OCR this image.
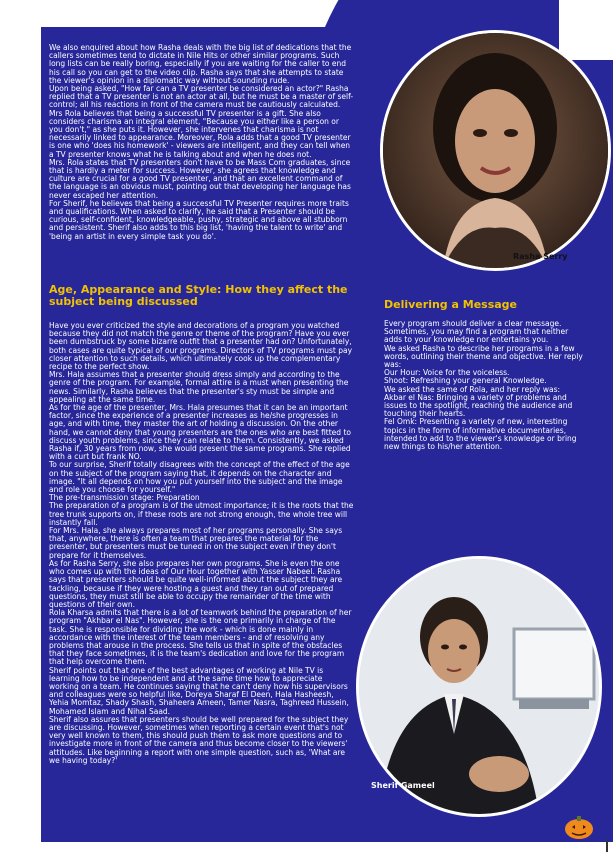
We also enquired about how Rasha deals with the big list of dedications that the callers sometimes tend to dictate in Nile Hits or other similar programs. Such long lists can be really boring, especially if you are waiting for the caller to end his call so you can get to the video clip. Rasha says that she attempts to state the viewer's opinion in a diplomatic way without sounding rude.

Upon being asked, "How far can a TV presenter be considered an actor?" Rasha replied that a TV presenter is not an actor at all, but he must be a master of self-control; all his reactions in front of the camera must be cautiously calculated.

Mrs Rola believes that being a successful TV presenter is a gift. She also considers charisma an integral element, "Because you either like a person or you don't," as she puts it. However, she intervenes that charisma is not necessarily linked to appearance. Moreover, Rola adds that a good TV presenter is one who 'does his homework' - viewers are intelligent, and they can tell when a TV presenter knows what he is talking about and when he does not.

Mrs. Rola states that TV presenters don't have to be Mass Com graduates, since that is hardly a meter for success. However, she agrees that knowledge and culture are crucial for a good TV presenter, and that an excellent command of the language is an obvious must, pointing out that developing her language has never escaped her attention.

For Sherif, he believes that being a successful TV Presenter requires more traits and qualifications. When asked to clarify, he said that a Presenter should be curious, self-confident, knowledgeable, pushy, strategic and above all stubborn and persistent. Sherif also adds to this big list, 'having the talent to write' and 'being an artist in every simple task you do'.

Age, Appearance and Style: How they affect the subject being discussed

Have you ever criticized the style and decorations of a program you watched because they did not match the genre or theme of the program? Have you ever been dumbstruck by some bizarre outfit that a presenter had on? Unfortunately, both cases are quite typical of our programs. Directors of TV programs must pay closer attention to such details, which ultimately cook up the complementary recipe to the perfect show.

Mrs. Hala assumes that a presenter should dress simply and according to the genre of the program. For example, formal attire is a must when presenting the news. Similarly, Rasha believes that the presenter's sty must be simple and appealing at the same time.

As for the age of the presenter, Mrs. Hala presumes that it can be an important factor, since the experience of a presenter increases as he/she progresses in age, and with time, they master the art of holding a discussion. On the other hand, we cannot deny that young presenters are the ones who are best fitted to discuss youth problems, since they can relate to them. Consistently, we asked Rasha if, 30 years from now, she would present the same programs. She replied with a curt but frank NO.

To our surprise, Sherif totally disagrees with the concept of the effect of the age on the subject of the program saying that, it depends on the character and image. "It all depends on how you put yourself into the subject and the image and role you choose for yourself."

The pre-transmission stage: Preparation

The preparation of a program is of the utmost importance; it is the roots that the tree trunk supports on, if these roots are not strong enough, the whole tree will instantly fall.

For Mrs. Hala, she always prepares most of her programs personally. She says that, anywhere, there is often a team that prepares the material for the presenter, but presenters must be tuned in on the subject even if they don't prepare for it themselves.

As for Rasha Serry, she also prepares her own programs. She is even the one who comes up with the ideas of Our Hour together with Yasser Nabeel. Rasha says that presenters should be quite well-informed about the subject they are tackling, because if they were hosting a guest and they ran out of prepared questions, they must still be able to occupy the remainder of the time with questions of their own.

Rola Kharsa admits that there is a lot of teamwork behind the preparation of her program "Akhbar el Nas". However, she is the one primarily in charge of the task. She is responsible for dividing the work - which is done mainly in accordance with the interest of the team members - and of resolving any problems that arouse in the process. She tells us that in spite of the obstacles that they face sometimes, it is the team's dedication and love for the program that help overcome them.

Sherif points out that one of the best advantages of working at Nile TV is learning how to be independent and at the same time how to appreciate working on a team. He continues saying that he can't deny how his supervisors and colleagues were so helpful like, Doreya Sharaf El Deen, Hala Hasheesh, Yehia Momtaz, Shady Shash, Shaheera Ameen, Tamer Nasra, Taghreed Hussein, Mohamed Islam and Nihal Saad.

Sherif also assures that presenters should be well prepared for the subject they are discussing. However, sometimes when reporting a certain event that's not very well known to them, this should push them to ask more questions and to investigate more in front of the camera and thus become closer to the viewers' attitudes. Like beginning a report with one simple question, such as, 'What are we having today?'

Delivering a Message

Every program should deliver a clear message. Sometimes, you may find a program that neither adds to your knowledge nor entertains you.

We asked Rasha to describe her programs in a few words, outlining their theme and objective. Her reply was:

Our Hour: Voice for the voiceless.

Shoot: Refreshing your general Knowledge.

We asked the same of Rola, and her reply was:

Akbar el Nas: Bringing a variety of problems and issues to the spotlight, reaching the audience and touching their hearts.

Fel Omk: Presenting a variety of new, interesting topics in the form of informative documentaries, intended to add to the viewer's knowledge or bring new things to his/her attention.

Rasha Serry
Sherif Gameel
TS 57
